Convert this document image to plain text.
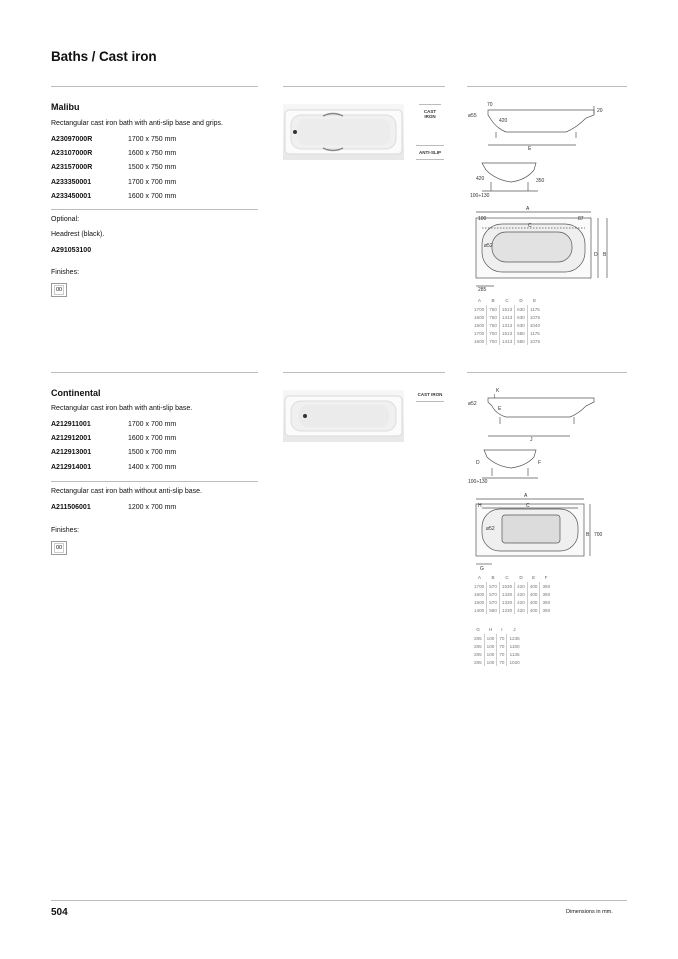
Baths / Cast iron
Malibu
Rectangular cast iron bath with anti-slip base and grips.
A23097000R	1700 x 750 mm
A23107000R	1600 x 750 mm
A23157000R	1500 x 750 mm
A233350001	1700 x 700 mm
A233450001	1600 x 700 mm
Optional:
Headrest (black).
A291053100
Finishes:
00
CAST IRON
ANTI-SLIP
70
20
ø55
420
E
420	350
100÷130
A
100	87
C
ø52
D B
285
A	B	C	D	E
1700	750	1513	630	1175
1600	750	1413	630	1075
1500	750	1313	630	1040
1700	700	1513	580	1175
1600	700	1413	580	1075
Continental
Rectangular cast iron bath with anti-slip base.
A212911001	1700 x 700 mm
A212912001	1600 x 700 mm
A212913001	1500 x 700 mm
A212914001	1400 x 700 mm
Rectangular cast iron bath without anti-slip base.
A211506001	1200 x 700 mm
Finishes:
00
CAST IRON
K
ø52
E
I
J
D	F
100÷130
A
H	C
ø52
B 700
G
A	B	C	D	E	F
1700	570	1530	420	400	350
1600	570	1430	420	400	350
1500	570	1330	420	400	350
1400	560	1230	420	400	350
G	H	I	J
285	100	70	1235
285	100	70	1180
285	100	70	1135
285	100	70	1020
504	Dimensions in mm.
